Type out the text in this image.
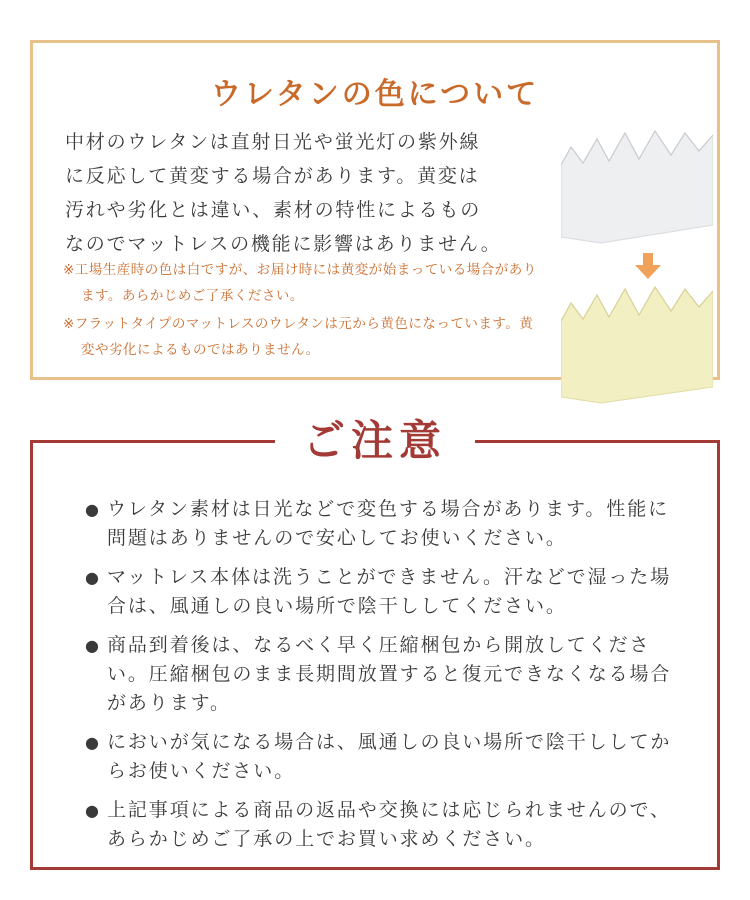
ウレタンの色について

中材のウレタンは直射日光や蛍光灯の紫外線

に反応して黄変する場合があります。黄変は

汚れや劣化とは違い、素材の特性によるもの

なのでマットレスの機能に影響はありません。

※工場生産時の色は白ですが、お届け時には黄変が始まっている場合があります。あらかじめご了承ください。
※フラットタイプのマットレスのウレタンは元から黄色になっています。黄変や劣化によるものではありません。
ご注意
● ウレタン素材は日光などで変色する場合があります。性能に問題はありませんので安心してお使いください。
● マットレス本体は洗うことができません。汗などで湿った場合は、風通しの良い場所で陰干ししてください。
● 商品到着後は、なるべく早く圧縮梱包から開放してください。圧縮梱包のまま長期間放置すると復元できなくなる場合があります。
● においが気になる場合は、風通しの良い場所で陰干ししてからお使いください。
● 上記事項による商品の返品や交換には応じられませんので、あらかじめご了承の上でお買い求めください。
